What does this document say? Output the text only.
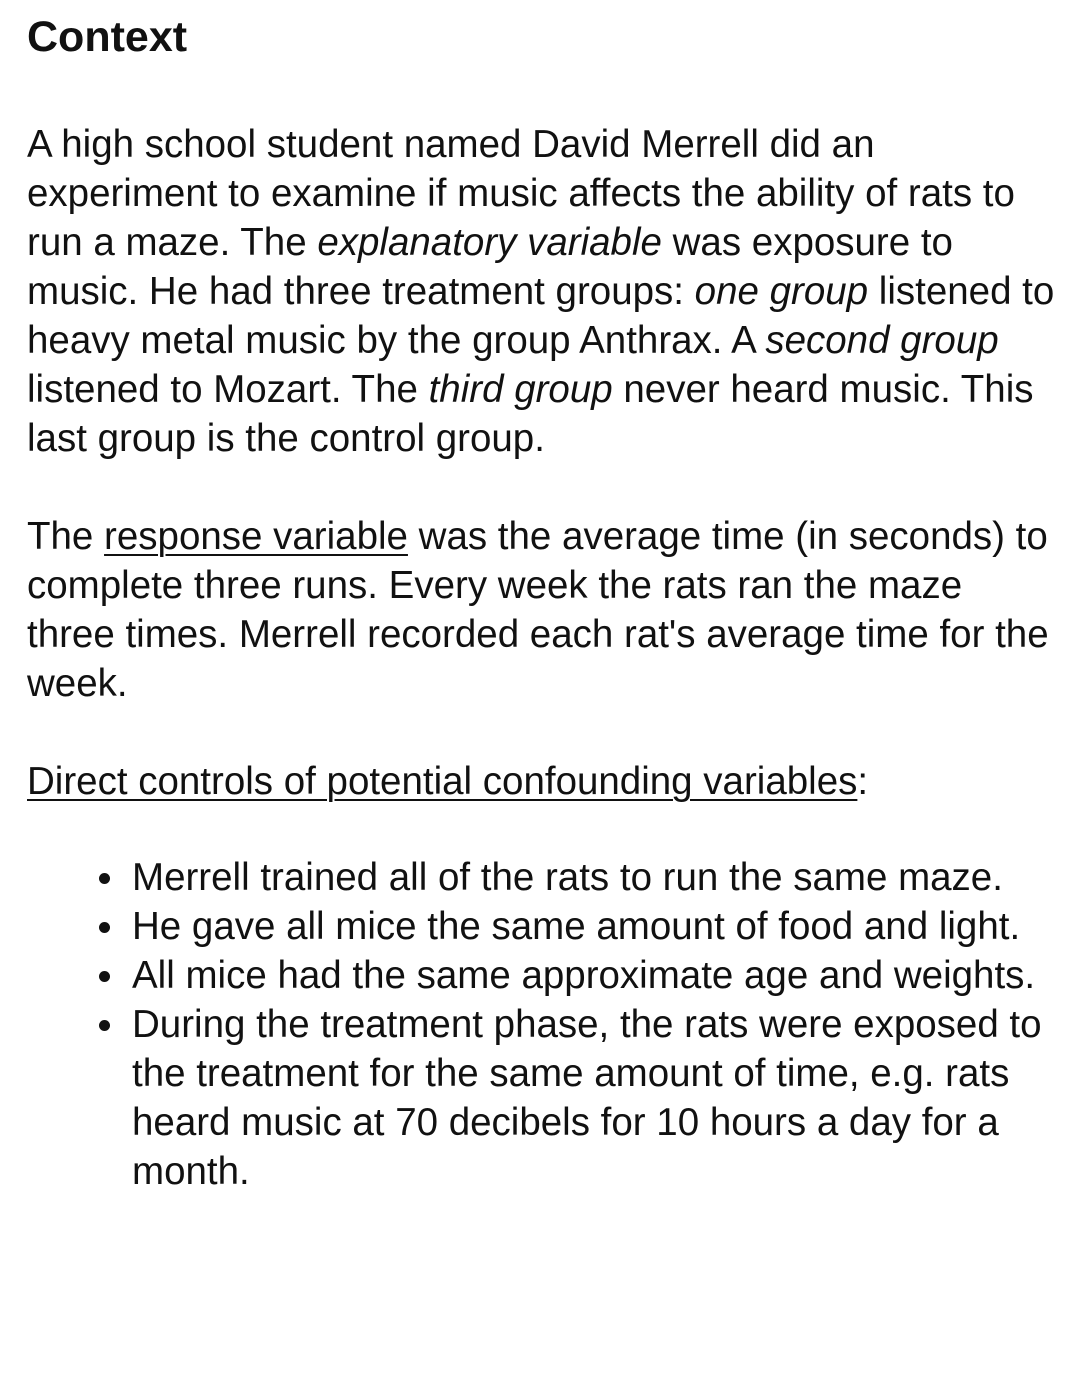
Context

A high school student named David Merrell did an experiment to examine if music affects the ability of rats to run a maze. The explanatory variable was exposure to music. He had three treatment groups: one group listened to heavy metal music by the group Anthrax. A second group listened to Mozart. The third group never heard music. This last group is the control group.

The response variable was the average time (in seconds) to complete three runs. Every week the rats ran the maze three times. Merrell recorded each rat's average time for the week.

Direct controls of potential confounding variables:

Merrell trained all of the rats to run the same maze.
He gave all mice the same amount of food and light.
All mice had the same approximate age and weights.
During the treatment phase, the rats were exposed to the treatment for the same amount of time, e.g. rats heard music at 70 decibels for 10 hours a day for a month.
